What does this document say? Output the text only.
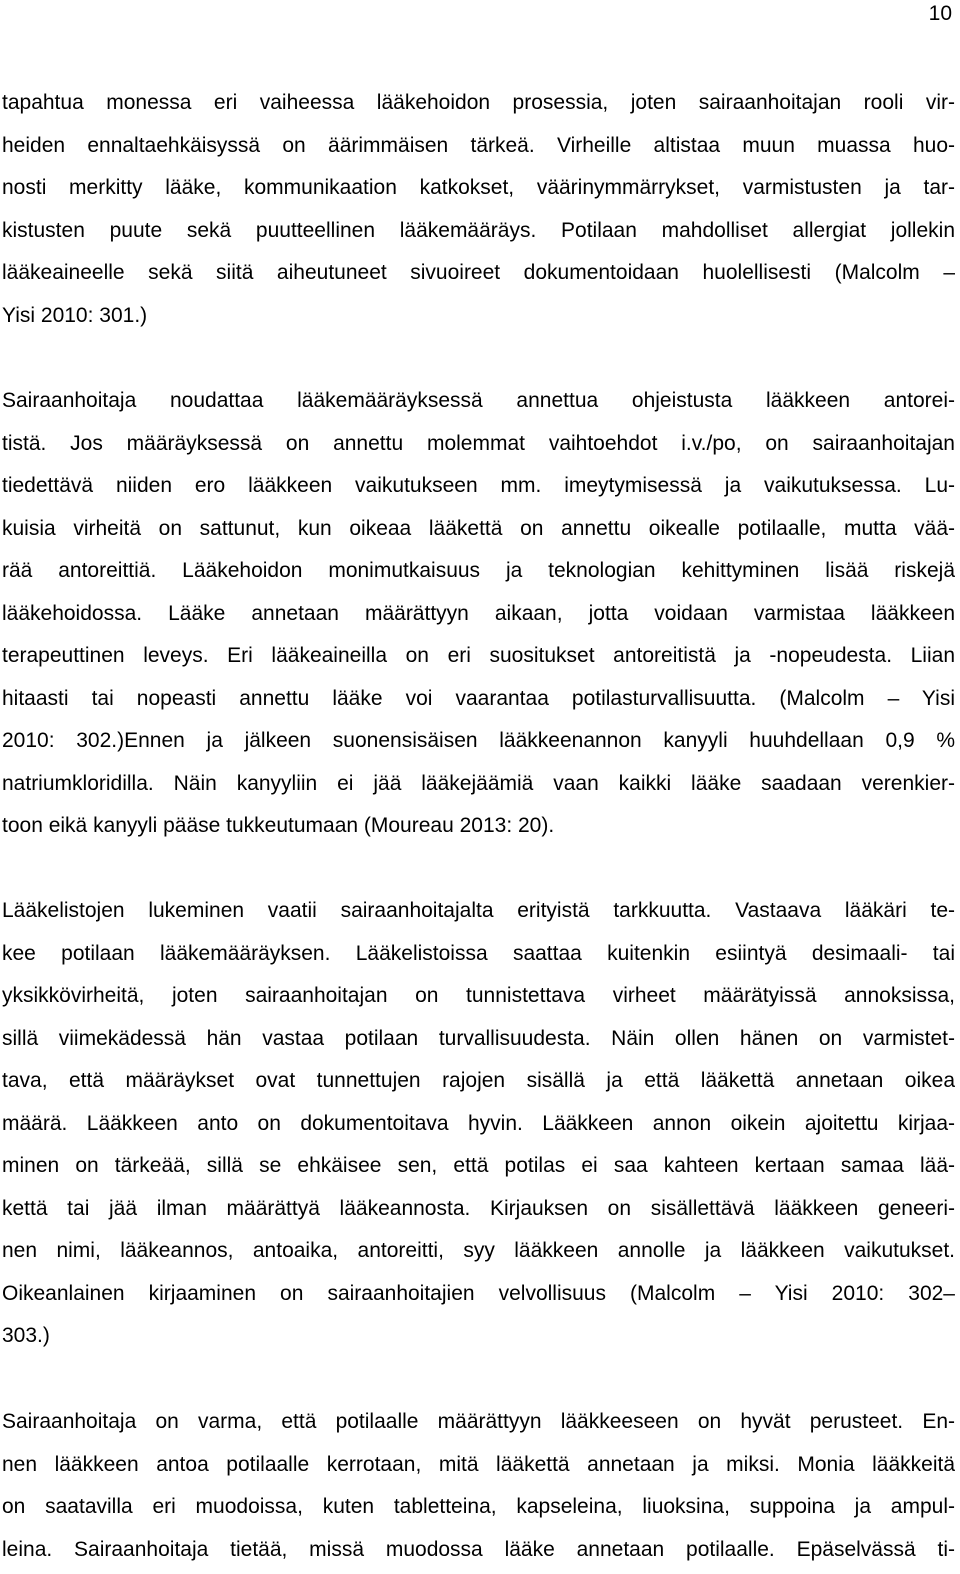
10
tapahtua monessa eri vaiheessa lääkehoidon prosessia, joten sairaanhoitajan rooli vir-
heiden ennaltaehkäisyssä on äärimmäisen tärkeä. Virheille altistaa muun muassa huo-
nosti merkitty lääke, kommunikaation katkokset, väärinymmärrykset, varmistusten ja tar-
kistusten puute sekä puutteellinen lääkemääräys. Potilaan mahdolliset allergiat jollekin
lääkeaineelle sekä siitä aiheutuneet sivuoireet dokumentoidaan huolellisesti (Malcolm –
Yisi 2010: 301.)
Sairaanhoitaja noudattaa lääkemääräyksessä annettua ohjeistusta lääkkeen antorei-
tistä. Jos määräyksessä on annettu molemmat vaihtoehdot i.v./po, on sairaanhoitajan
tiedettävä niiden ero lääkkeen vaikutukseen mm. imeytymisessä ja vaikutuksessa. Lu-
kuisia virheitä on sattunut, kun oikeaa lääkettä on annettu oikealle potilaalle, mutta vää-
rää antoreittiä. Lääkehoidon monimutkaisuus ja teknologian kehittyminen lisää riskejä
lääkehoidossa. Lääke annetaan määrättyyn aikaan, jotta voidaan varmistaa lääkkeen
terapeuttinen leveys. Eri lääkeaineilla on eri suositukset antoreitistä ja -nopeudesta. Liian
hitaasti tai nopeasti annettu lääke voi vaarantaa potilasturvallisuutta. (Malcolm – Yisi
2010: 302.)Ennen ja jälkeen suonensisäisen lääkkeenannon kanyyli huuhdellaan 0,9 %
natriumkloridilla. Näin kanyyliin ei jää lääkejäämiä vaan kaikki lääke saadaan verenkier-
toon eikä kanyyli pääse tukkeutumaan (Moureau 2013: 20).
Lääkelistojen lukeminen vaatii sairaanhoitajalta erityistä tarkkuutta. Vastaava lääkäri te-
kee potilaan lääkemääräyksen. Lääkelistoissa saattaa kuitenkin esiintyä desimaali- tai
yksikkövirheitä, joten sairaanhoitajan on tunnistettava virheet määrätyissä annoksissa,
sillä viimekädessä hän vastaa potilaan turvallisuudesta. Näin ollen hänen on varmistet-
tava, että määräykset ovat tunnettujen rajojen sisällä ja että lääkettä annetaan oikea
määrä. Lääkkeen anto on dokumentoitava hyvin. Lääkkeen annon oikein ajoitettu kirjaa-
minen on tärkeää, sillä se ehkäisee sen, että potilas ei saa kahteen kertaan samaa lää-
kettä tai jää ilman määrättyä lääkeannosta. Kirjauksen on sisällettävä lääkkeen geneeri-
nen nimi, lääkeannos, antoaika, antoreitti, syy lääkkeen annolle ja lääkkeen vaikutukset.
Oikeanlainen kirjaaminen on sairaanhoitajien velvollisuus (Malcolm – Yisi 2010: 302–
303.)
Sairaanhoitaja on varma, että potilaalle määrättyyn lääkkeeseen on hyvät perusteet. En-
nen lääkkeen antoa potilaalle kerrotaan, mitä lääkettä annetaan ja miksi. Monia lääkkeitä
on saatavilla eri muodoissa, kuten tabletteina, kapseleina, liuoksina, suppoina ja ampul-
leina. Sairaanhoitaja tietää, missä muodossa lääke annetaan potilaalle. Epäselvässä ti-
